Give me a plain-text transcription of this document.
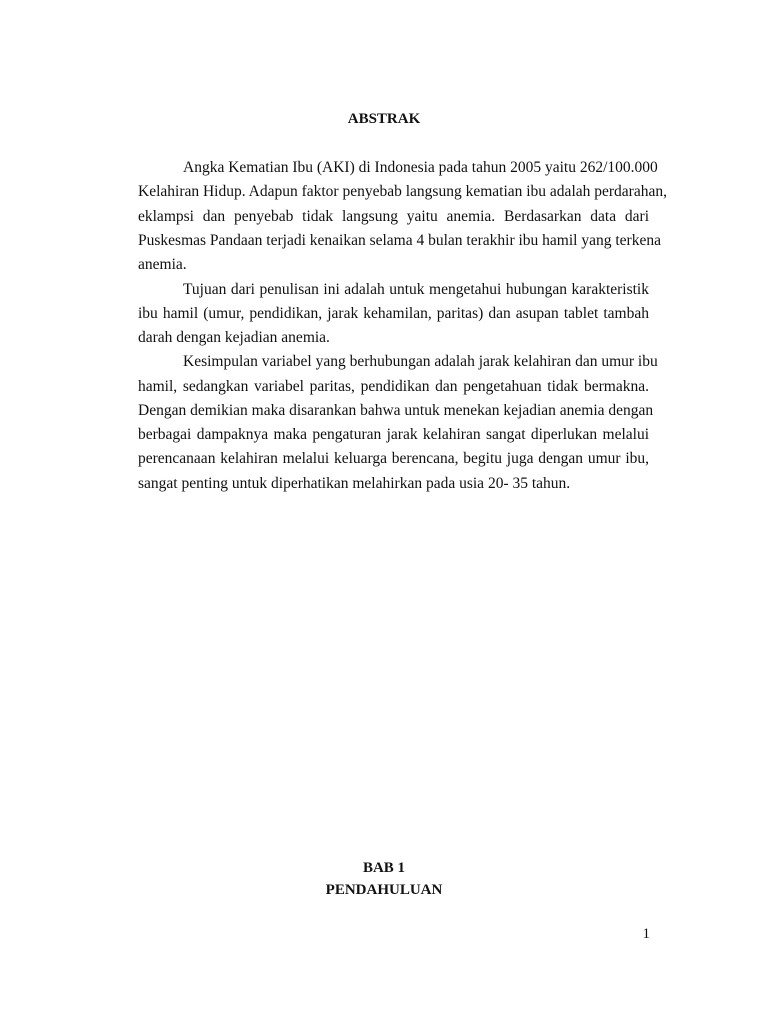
ABSTRAK
Angka Kematian Ibu (AKI) di Indonesia pada tahun 2005 yaitu 262/100.000
Kelahiran Hidup. Adapun faktor penyebab langsung kematian ibu adalah perdarahan,
eklampsi dan penyebab tidak langsung yaitu anemia. Berdasarkan data dari
Puskesmas Pandaan terjadi kenaikan selama 4 bulan terakhir ibu hamil yang terkena
anemia.
Tujuan dari penulisan ini adalah untuk mengetahui hubungan karakteristik
ibu hamil (umur, pendidikan, jarak kehamilan, paritas) dan asupan tablet tambah
darah dengan kejadian anemia.
Kesimpulan variabel yang berhubungan adalah jarak kelahiran dan umur ibu
hamil, sedangkan variabel paritas, pendidikan dan pengetahuan tidak bermakna.
Dengan demikian maka disarankan bahwa untuk menekan kejadian anemia dengan
berbagai dampaknya maka pengaturan jarak kelahiran sangat diperlukan melalui
perencanaan kelahiran melalui keluarga berencana, begitu juga dengan umur ibu,
sangat penting untuk diperhatikan melahirkan pada usia 20- 35 tahun.
BAB 1
PENDAHULUAN
1
